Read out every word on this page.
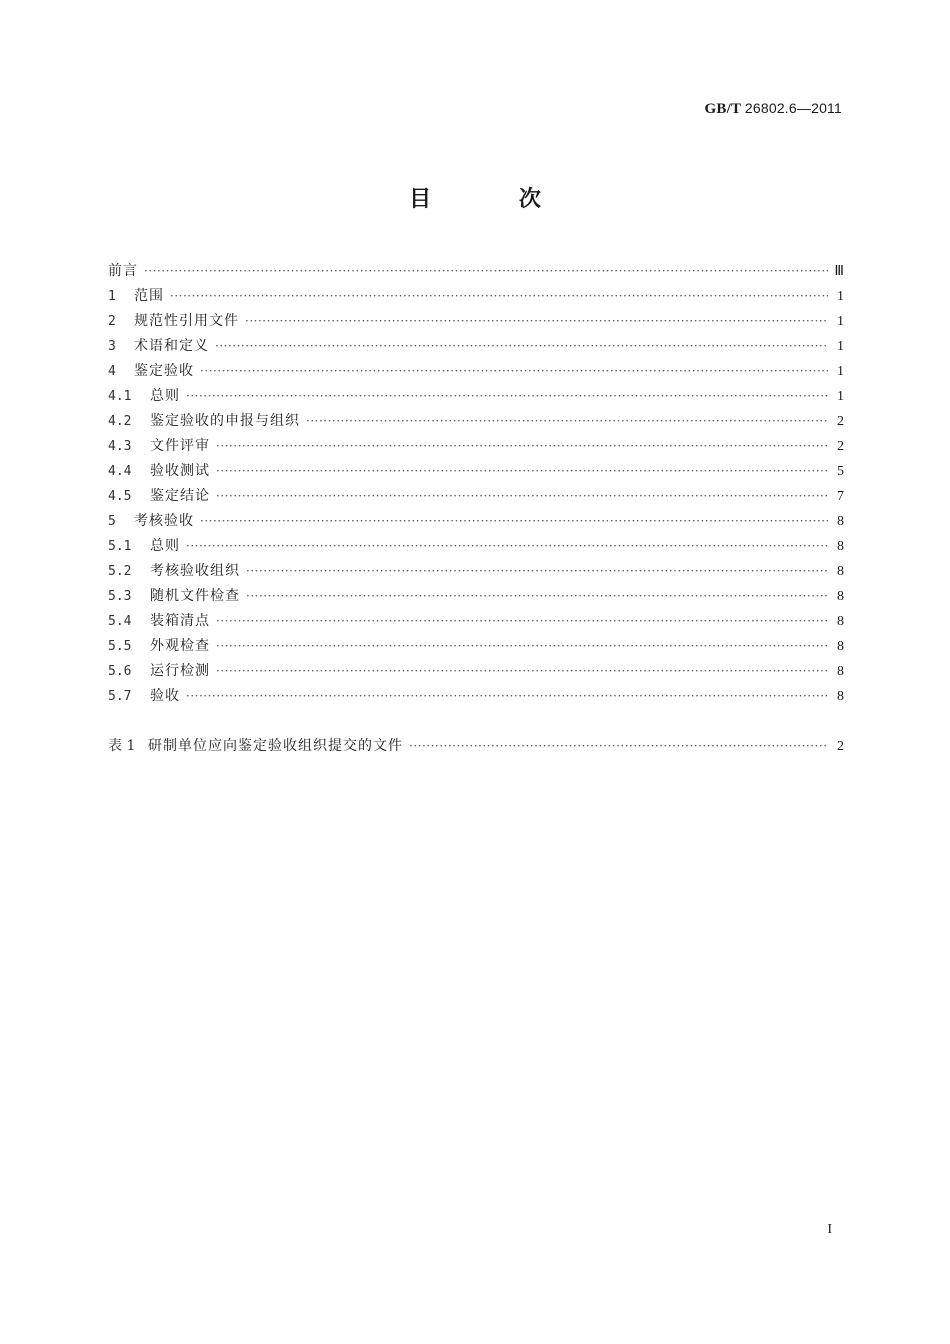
GB/T 26802.6—2011
目 次
前言 ·····	Ⅲ
1	范围 ·····	1
2	规范性引用文件 ·····	1
3	术语和定义 ·····	1
4	鉴定验收 ·····	1
4.1	总则 ·····	1
4.2	鉴定验收的申报与组织 ·····	2
4.3	文件评审 ·····	2
4.4	验收测试 ·····	5
4.5	鉴定结论 ·····	7
5	考核验收 ·····	8
5.1	总则 ·····	8
5.2	考核验收组织 ·····	8
5.3	随机文件检查 ·····	8
5.4	装箱清点 ·····	8
5.5	外观检查 ·····	8
5.6	运行检测 ·····	8
5.7	验收 ·····	8
表 1 研制单位应向鉴定验收组织提交的文件 ·····	2
I
